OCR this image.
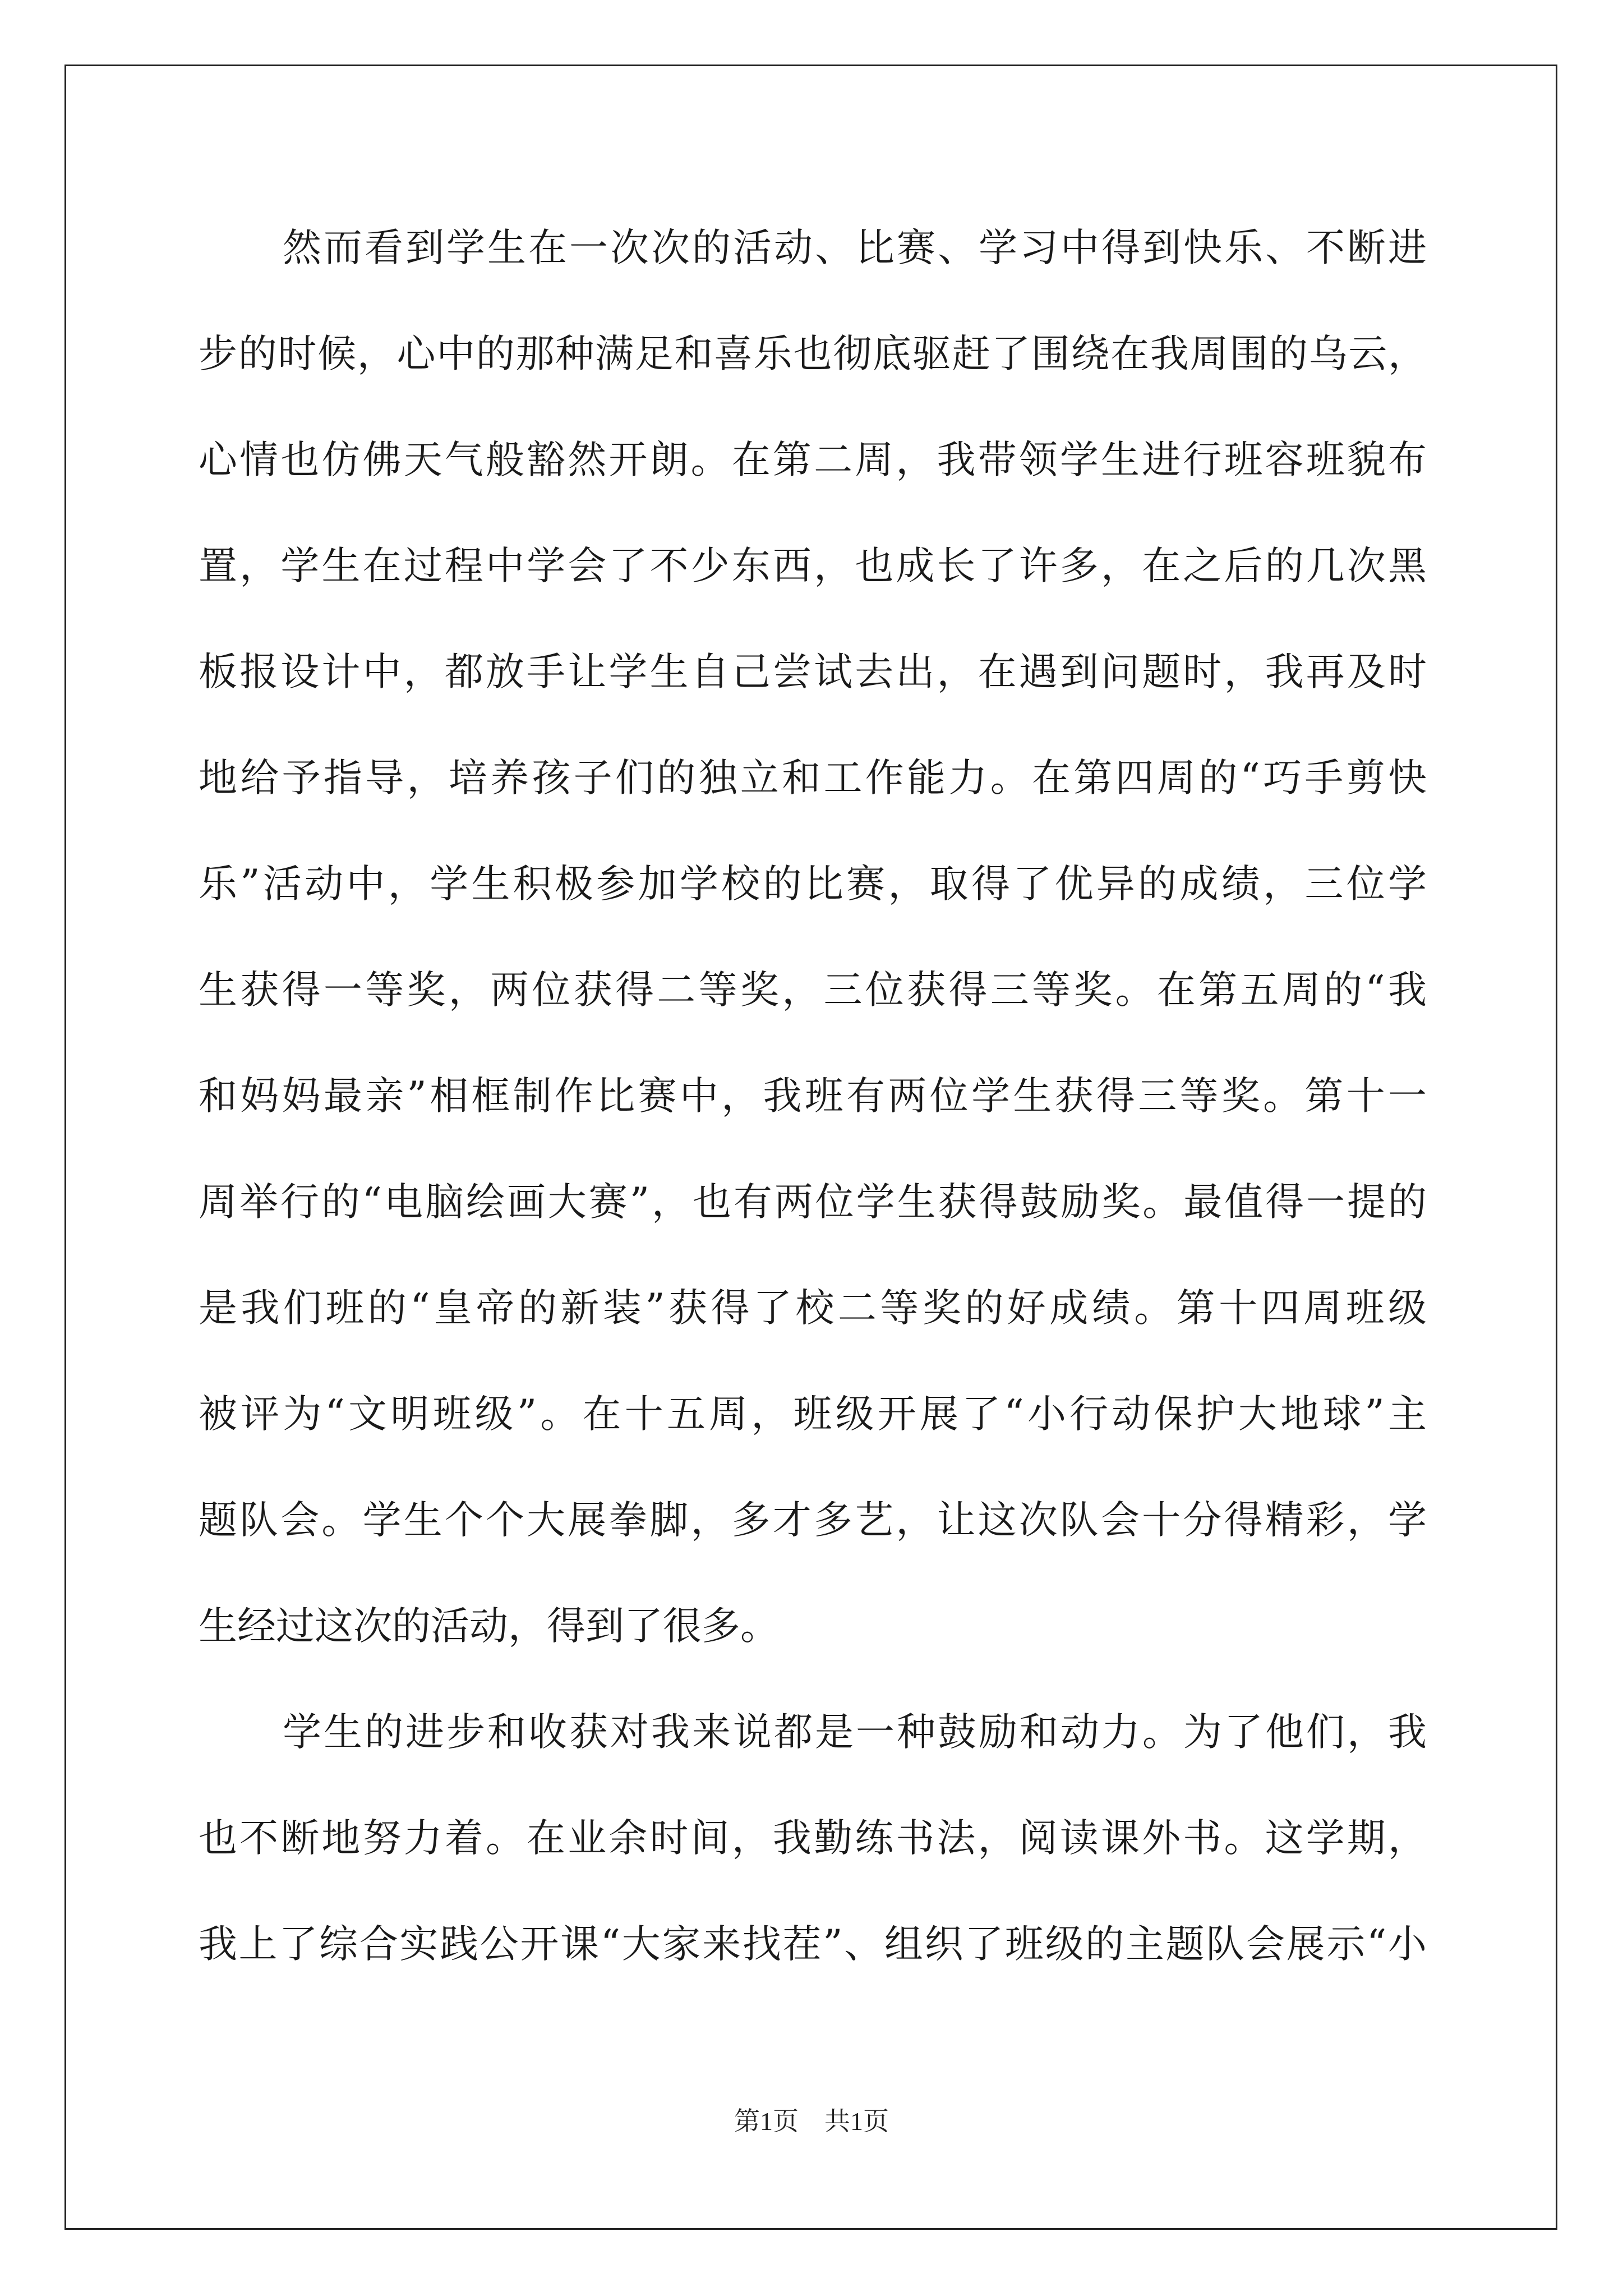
然而看到学生在一次次的活动、比赛、学习中得到快乐、不断进
步的时候，心中的那种满足和喜乐也彻底驱赶了围绕在我周围的乌云，
心情也仿佛天气般豁然开朗。在第二周，我带领学生进行班容班貌布
置，学生在过程中学会了不少东西，也成长了许多，在之后的几次黑
板报设计中，都放手让学生自己尝试去出，在遇到问题时，我再及时
地给予指导，培养孩子们的独立和工作能力。在第四周的“巧手剪快
乐”活动中，学生积极参加学校的比赛，取得了优异的成绩，三位学
生获得一等奖，两位获得二等奖，三位获得三等奖。在第五周的“我
和妈妈最亲”相框制作比赛中，我班有两位学生获得三等奖。第十一
周举行的“电脑绘画大赛”，也有两位学生获得鼓励奖。最值得一提的
是我们班的“皇帝的新装”获得了校二等奖的好成绩。第十四周班级
被评为“文明班级”。在十五周，班级开展了“小行动保护大地球”主
题队会。学生个个大展拳脚，多才多艺，让这次队会十分得精彩，学
生经过这次的活动，得到了很多。
学生的进步和收获对我来说都是一种鼓励和动力。为了他们，我
也不断地努力着。在业余时间，我勤练书法，阅读课外书。这学期，
我上了综合实践公开课“大家来找茬”、组织了班级的主题队会展示“小
第1页 共1页
